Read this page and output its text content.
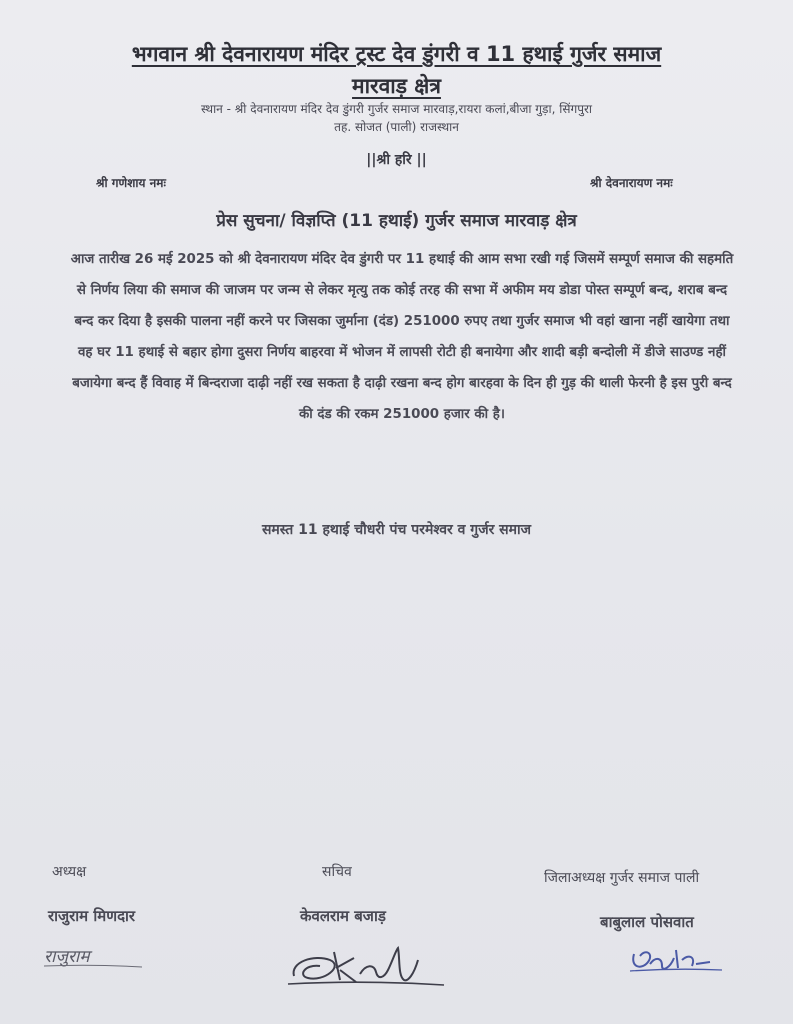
भगवान श्री देवनारायण मंदिर ट्रस्ट देव डुंगरी व 11 हथाई गुर्जर समाज
मारवाड़ क्षेत्र
स्थान - श्री देवनारायण मंदिर देव डुंगरी गुर्जर समाज मारवाड़,रायरा कलां,बीजा गुड़ा, सिंगपुरा
तह. सोजत (पाली) राजस्थान
||श्री हरि ||
श्री गणेशाय नमः	श्री देवनारायण नमः
प्रेस सुचना/ विज्ञप्ति (11 हथाई) गुर्जर समाज मारवाड़ क्षेत्र
आज तारीख 26 मई 2025 को श्री देवनारायण मंदिर देव डुंगरी पर 11 हथाई की आम सभा रखी गई जिसमें सम्पूर्ण समाज की सहमति से निर्णय लिया की समाज की जाजम पर जन्म से लेकर मृत्यु तक कोई तरह की सभा में अफीम मय डोडा पोस्त सम्पूर्ण बन्द, शराब बन्द बन्द कर दिया है इसकी पालना नहीं करने पर जिसका जुर्माना (दंड) 251000 रुपए तथा गुर्जर समाज भी वहां खाना नहीं खायेगा तथा वह घर 11 हथाई से बहार होगा दुसरा निर्णय बाहरवा में भोजन में लापसी रोटी ही बनायेगा और शादी बड़ी बन्दोली में डीजे साउण्ड नहीं बजायेगा बन्द हैं विवाह में बिन्दराजा दाढ़ी नहीं रख सकता है दाढ़ी रखना बन्द होग बारहवा के दिन ही गुड़ की थाली फेरनी है इस पुरी बन्द की दंड की रकम 251000 हजार की है।
समस्त 11 हथाई चौधरी पंच परमेश्वर व गुर्जर समाज
अध्यक्ष	सचिव	जिलाअध्यक्ष गुर्जर समाज पाली
राजुराम मिणदार	केवलराम बजाड़	बाबुलाल पोसवात
राजुराम
